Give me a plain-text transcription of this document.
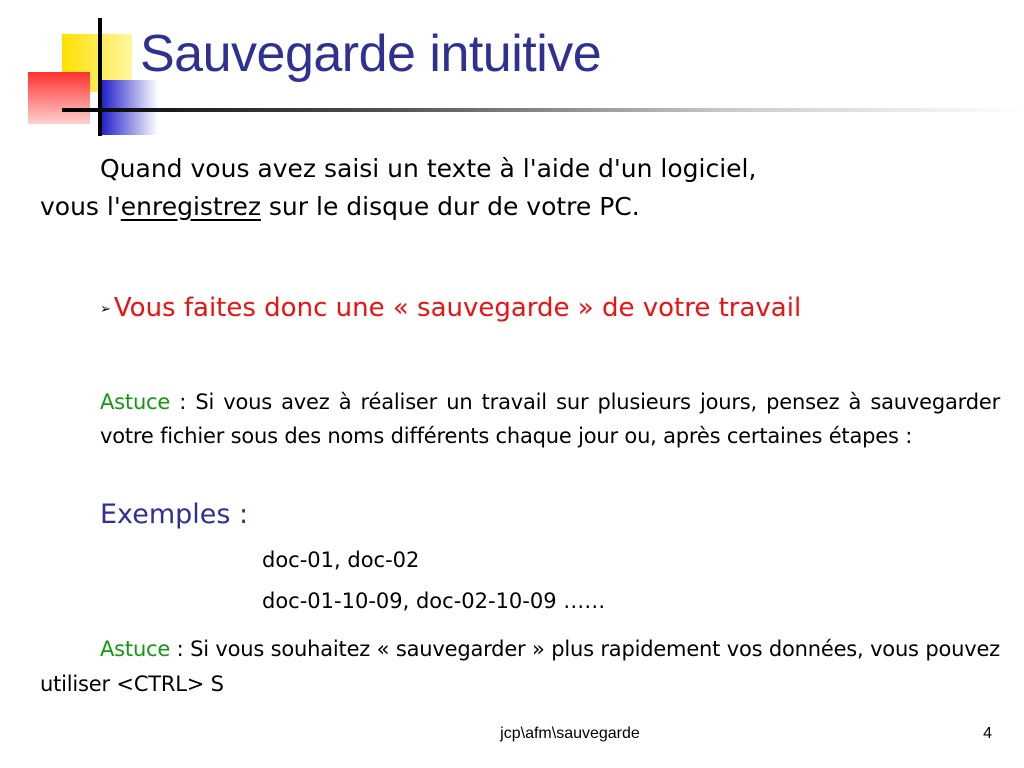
Sauvegarde intuitive

Quand vous avez saisi un texte à l'aide d'un logiciel,
vous l'enregistrez sur le disque dur de votre PC.

➢ Vous faites donc une « sauvegarde » de votre travail

Astuce : Si vous avez à réaliser un travail sur plusieurs jours, pensez à sauvegarder votre fichier sous des noms différents chaque jour ou, après certaines étapes :

Exemples :

doc-01, doc-02

doc-01-10-09, doc-02-10-09 ……

Astuce : Si vous souhaitez « sauvegarder » plus rapidement vos données, vous pouvez utiliser <CTRL> S

jcp\afm\sauvegarde	4
